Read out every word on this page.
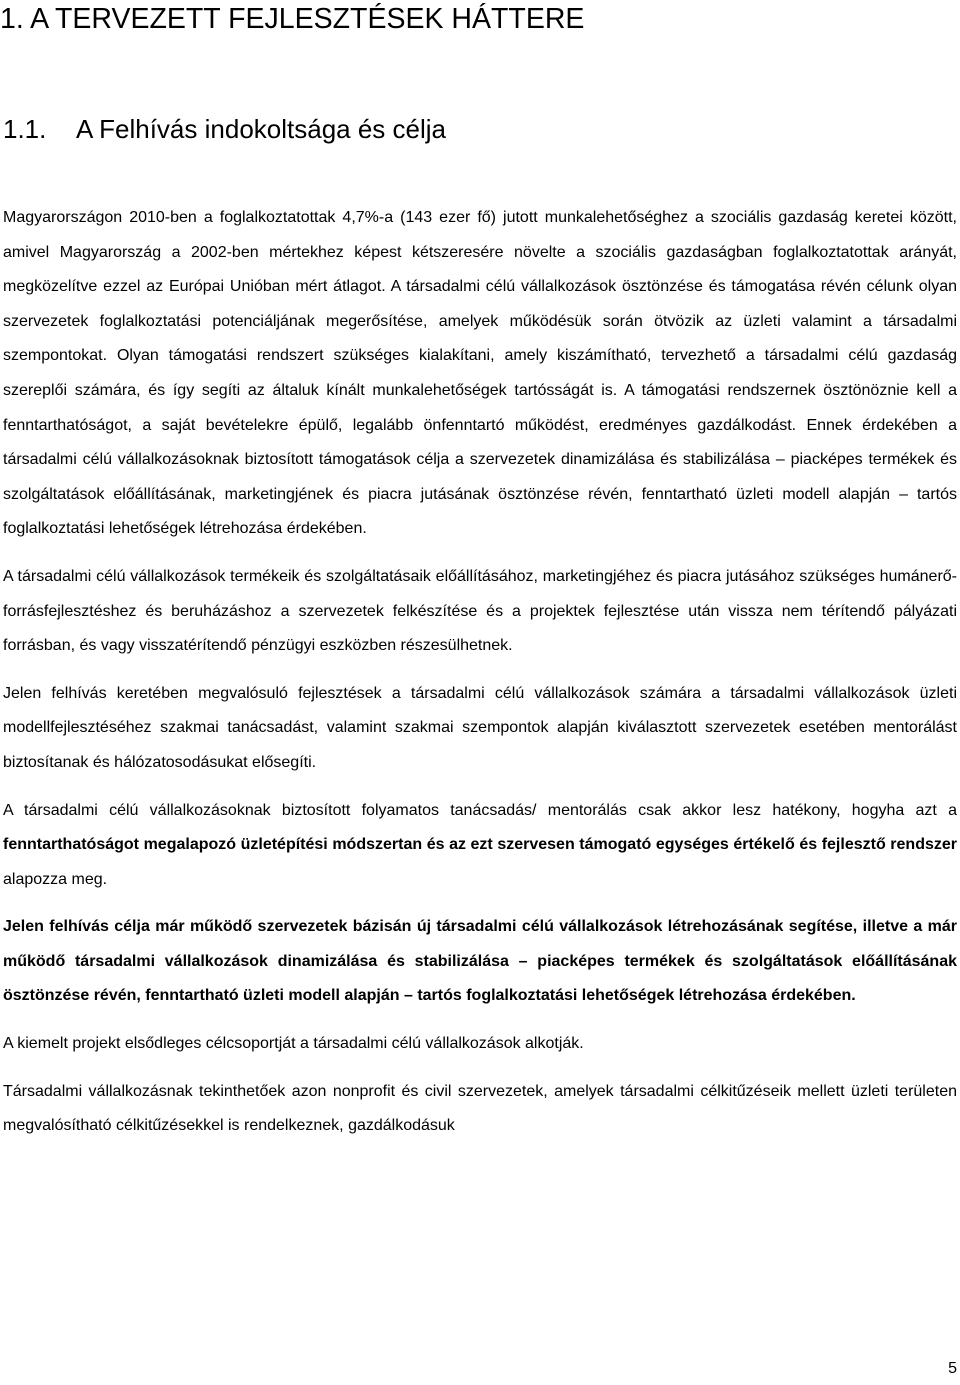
1. A TERVEZETT FEJLESZTÉSEK HÁTTERE
1.1. A Felhívás indokoltsága és célja

Magyarországon 2010-ben a foglalkoztatottak 4,7%-a (143 ezer fő) jutott munkalehetőséghez a szociális gazdaság keretei között, amivel Magyarország a 2002-ben mértekhez képest kétszeresére növelte a szociális gazdaságban foglalkoztatottak arányát, megközelítve ezzel az Európai Unióban mért átlagot. A társadalmi célú vállalkozások ösztönzése és támogatása révén célunk olyan szervezetek foglalkoztatási potenciáljának megerősítése, amelyek működésük során ötvözik az üzleti valamint a társadalmi szempontokat. Olyan támogatási rendszert szükséges kialakítani, amely kiszámítható, tervezhető a társadalmi célú gazdaság szereplői számára, és így segíti az általuk kínált munkalehetőségek tartósságát is. A támogatási rendszernek ösztönöznie kell a fenntarthatóságot, a saját bevételekre épülő, legalább önfenntartó működést, eredményes gazdálkodást. Ennek érdekében a társadalmi célú vállalkozásoknak biztosított támogatások célja a szervezetek dinamizálása és stabilizálása – piacképes termékek és szolgáltatások előállításának, marketingjének és piacra jutásának ösztönzése révén, fenntartható üzleti modell alapján – tartós foglalkoztatási lehetőségek létrehozása érdekében.

A társadalmi célú vállalkozások termékeik és szolgáltatásaik előállításához, marketingjéhez és piacra jutásához szükséges humánerő-forrásfejlesztéshez és beruházáshoz a szervezetek felkészítése és a projektek fejlesztése után vissza nem térítendő pályázati forrásban, és vagy visszatérítendő pénzügyi eszközben részesülhetnek.

Jelen felhívás keretében megvalósuló fejlesztések a társadalmi célú vállalkozások számára a társadalmi vállalkozások üzleti modellfejlesztéséhez szakmai tanácsadást, valamint szakmai szempontok alapján kiválasztott szervezetek esetében mentorálást biztosítanak és hálózatosodásukat elősegíti.

A társadalmi célú vállalkozásoknak biztosított folyamatos tanácsadás/ mentorálás csak akkor lesz hatékony, hogyha azt a fenntarthatóságot megalapozó üzletépítési módszertan és az ezt szervesen támogató egységes értékelő és fejlesztő rendszer alapozza meg.

Jelen felhívás célja már működő szervezetek bázisán új társadalmi célú vállalkozások létrehozásának segítése, illetve a már működő társadalmi vállalkozások dinamizálása és stabilizálása – piacképes termékek és szolgáltatások előállításának ösztönzése révén, fenntartható üzleti modell alapján – tartós foglalkoztatási lehetőségek létrehozása érdekében.

A kiemelt projekt elsődleges célcsoportját a társadalmi célú vállalkozások alkotják.

Társadalmi vállalkozásnak tekinthetőek azon nonprofit és civil szervezetek, amelyek társadalmi célkitűzéseik mellett üzleti területen megvalósítható célkitűzésekkel is rendelkeznek, gazdálkodásuk

5
